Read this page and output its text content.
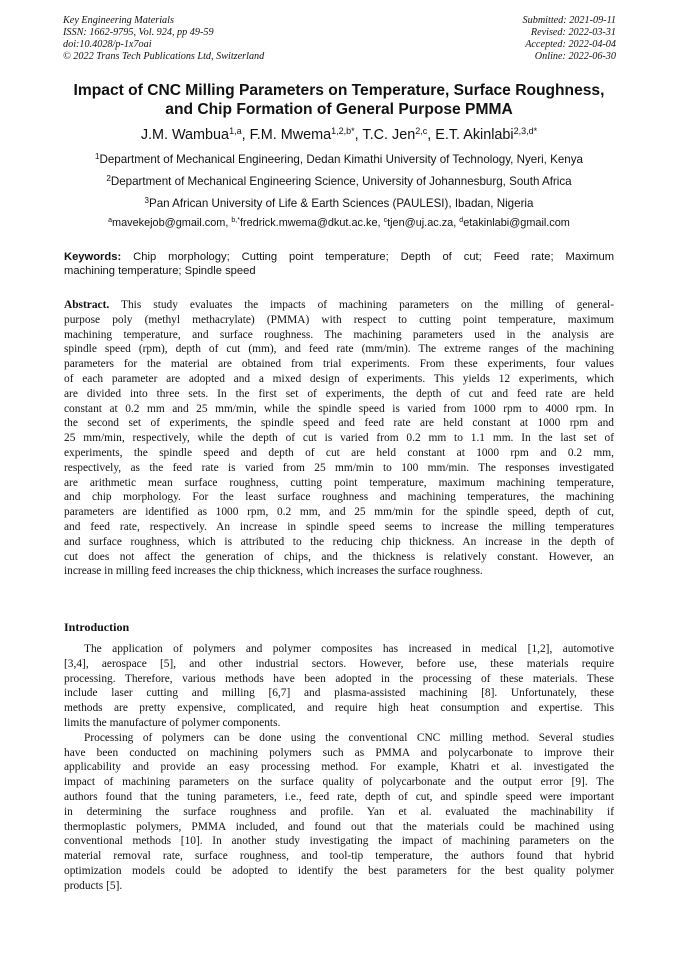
Key Engineering Materials
ISSN: 1662-9795, Vol. 924, pp 49-59
doi:10.4028/p-1x7oai
© 2022 Trans Tech Publications Ltd, Switzerland
Submitted: 2021-09-11
Revised: 2022-03-31
Accepted: 2022-04-04
Online: 2022-06-30
Impact of CNC Milling Parameters on Temperature, Surface Roughness,
and Chip Formation of General Purpose PMMA
J.M. Wambua$^{1,a}$, F.M. Mwema$^{1,2,b*}$, T.C. Jen$^{2,c}$, E.T. Akinlabi$^{2,3,d*}$
$^1$Department of Mechanical Engineering, Dedan Kimathi University of Technology, Nyeri, Kenya
$^2$Department of Mechanical Engineering Science, University of Johannesburg, South Africa
$^3$Pan African University of Life & Earth Sciences (PAULESI), Ibadan, Nigeria
$^a$mavekejob@gmail.com, $^{b,*}$fredrick.mwema@dkut.ac.ke, $^c$tjen@uj.ac.za, $^d$etakinlabi@gmail.com
Keywords: Chip morphology; Cutting point temperature; Depth of cut; Feed rate; Maximum
machining temperature; Spindle speed
Abstract. This study evaluates the impacts of machining parameters on the milling of general-
purpose poly (methyl methacrylate) (PMMA) with respect to cutting point temperature, maximum
machining temperature, and surface roughness. The machining parameters used in the analysis are
spindle speed (rpm), depth of cut (mm), and feed rate (mm/min). The extreme ranges of the machining
parameters for the material are obtained from trial experiments. From these experiments, four values
of each parameter are adopted and a mixed design of experiments. This yields 12 experiments, which
are divided into three sets. In the first set of experiments, the depth of cut and feed rate are held
constant at 0.2 mm and 25 mm/min, while the spindle speed is varied from 1000 rpm to 4000 rpm. In
the second set of experiments, the spindle speed and feed rate are held constant at 1000 rpm and
25 mm/min, respectively, while the depth of cut is varied from 0.2 mm to 1.1 mm. In the last set of
experiments, the spindle speed and depth of cut are held constant at 1000 rpm and 0.2 mm,
respectively, as the feed rate is varied from 25 mm/min to 100 mm/min. The responses investigated
are arithmetic mean surface roughness, cutting point temperature, maximum machining temperature,
and chip morphology. For the least surface roughness and machining temperatures, the machining
parameters are identified as 1000 rpm, 0.2 mm, and 25 mm/min for the spindle speed, depth of cut,
and feed rate, respectively. An increase in spindle speed seems to increase the milling temperatures
and surface roughness, which is attributed to the reducing chip thickness. An increase in the depth of
cut does not affect the generation of chips, and the thickness is relatively constant. However, an
increase in milling feed increases the chip thickness, which increases the surface roughness.
Introduction
The application of polymers and polymer composites has increased in medical [1,2], automotive
[3,4], aerospace [5], and other industrial sectors. However, before use, these materials require
processing. Therefore, various methods have been adopted in the processing of these materials. These
include laser cutting and milling [6,7] and plasma-assisted machining [8]. Unfortunately, these
methods are pretty expensive, complicated, and require high heat consumption and expertise. This
limits the manufacture of polymer components.
Processing of polymers can be done using the conventional CNC milling method. Several studies
have been conducted on machining polymers such as PMMA and polycarbonate to improve their
applicability and provide an easy processing method. For example, Khatri et al. investigated the
impact of machining parameters on the surface quality of polycarbonate and the output error [9]. The
authors found that the tuning parameters, i.e., feed rate, depth of cut, and spindle speed were important
in determining the surface roughness and profile. Yan et al. evaluated the machinability if
thermoplastic polymers, PMMA included, and found out that the materials could be machined using
conventional methods [10]. In another study investigating the impact of machining parameters on the
material removal rate, surface roughness, and tool-tip temperature, the authors found that hybrid
optimization models could be adopted to identify the best parameters for the best quality polymer
products [5].
